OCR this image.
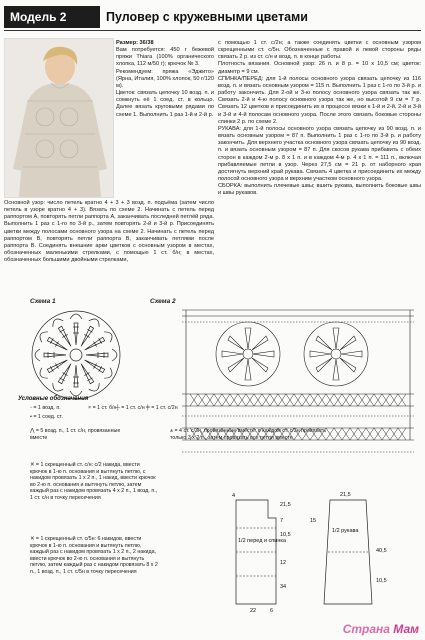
Модель 2	Пуловер с кружевными цветами

Размер: 36/38

Вам потребуется: 450 г бежевой пряжи Thiara (100% органического хлопка, 112 м/50 г); крючок № 3.

Рекомендуем: пряжа «Эджито» (Ярна, Италия, 100% хлопок, 50 г/120 м).

Цветок: связать цепочку 10 возд. п. и сомкнуть её 1 соед. ст. в кольцо. Далее вязать круговыми рядами по схеме 1. Выполнить 1 раз 1-й и 2-й р.

Основной узор: число петель кратно 4 + 3 + 3 возд. п. подъёма (затем число петель в узоре кратно 4 + 3). Вязать по схеме 2. Начинать с петель перед раппортом А, повторять петли раппорта А, заканчивать последней петлёй ряда. Выполнить 1 раз с 1-го по 3-й р., затем повторять 2-й и 3-й р. Присоединять цветки между полосами основного узора на схеме 2. Начинать с петель перед раппортом В, повторять петли раппорта В, заканчивать петлями после раппорта В. Соединять внешние арки цветков с основным узором в местах, обозначенных маленькими стрелками, с помощью 1 ст. б/н; в местах, обозначенных большими двойными стрелками,

с помощью 1 ст. с/2н; а также соединять цветки с основным узором скрещенными ст. с/5н. Обозначенные с правой и левой стороны ряды связать 2 р. из ст. с/н и возд. п. в конце работы.

Плотность вязания. Основной узор: 26 п. и 8 р. = 10 х 10,5 см; цветок: диаметр = 9 см.

СПИНКА/ПЕРЕД: для 1-й полосы основного узора связать цепочку из 116 возд. п. и вязать основным узором = 115 п. Выполнить 1 раз с 1-го по 3-й р. и работу закончить. Для 2-ой и 3-ю полосу основного узора связать так же. Связать 2-й и 4-ю полосу основного узора так же, но высотой 9 см = 7 р. Связать 12 цветков и присоединить их в процессе вязки к 1-й и 2-й, 2-й и 3-й и 3-й и 4-й полосам основного узора. После этого связать боковые стороны спинки 2 р. по схеме 2.

РУКАВА: для 1-й полосы основного узора связать цепочку из 90 возд. п. и вязать основным узором = 87 п. Выполнить 1 раз с 1-го по 3-й р. и работу закончить. Для верхнего участка основного узора связать цепочку из 90 возд. п. и вязать основным узором = 87 п. Для скосов рукава прибавить с обеих сторон в каждом 2-м р. 8 х 1 п. и в каждом 4-м р. 4 х 1 п. = 111 п., включая прибавляемые петли в узор. Через 27,5 см = 21 р. от наборного края достигнуть верхний край рукава. Связать 4 цветка и присоединить их между полосой основного узора и верхним участком основного узора.

СБОРКА: выполнить плечевые швы; вшить рукава, выполнить боковые швы и швы рукавов.

Схема 1	Схема 2
Условные обозначения
◦ = 1 возд. п.	× = 1 ст. б/н ┼ = 1 ст. с/н ╪ = 1 ст. с/2н
• = 1 соед. ст.
⋀ = 5 возд. п., 1 ст. с/н, провязанные вместе
⩚ = 4 ст. с/3н, провязанные вместе: в каждом ст. с/3н провязать только 3 х 2 п., затем провязать все петли вместе
✕ = 1 скрещенный ст. с/н: с/2 накида, ввести крючок в 1-ю п. основания и вытянуть петлю, с накидом провязать 1 х 2 п., 1 накид, ввести крючок во 2-ю п. основания и вытянуть петлю, затем каждый раз с накидом провязать 4 х 2 п., 1 возд. п., 1 ст. с/н в точку пересечения
✕ = 1 скрещенный ст. с/5н: 6 накидов, ввести крючок в 1-ю п. основания и вытянуть петлю, каждый раз с накидом провязать 1 х 2 п., 2 накида, ввести крючок во 2-ю п. основания и вытянуть петлю, затем каждый раз с накидом провязать 8 х 2 п., 1 возд. п., 1 ст. с/5н в точку пересечения
1/2 перед и спинка
1/2 рукава
4
21,5
7
10,5
12
34
6
22
21,5
15
40,5
10,5
Страна Мам
